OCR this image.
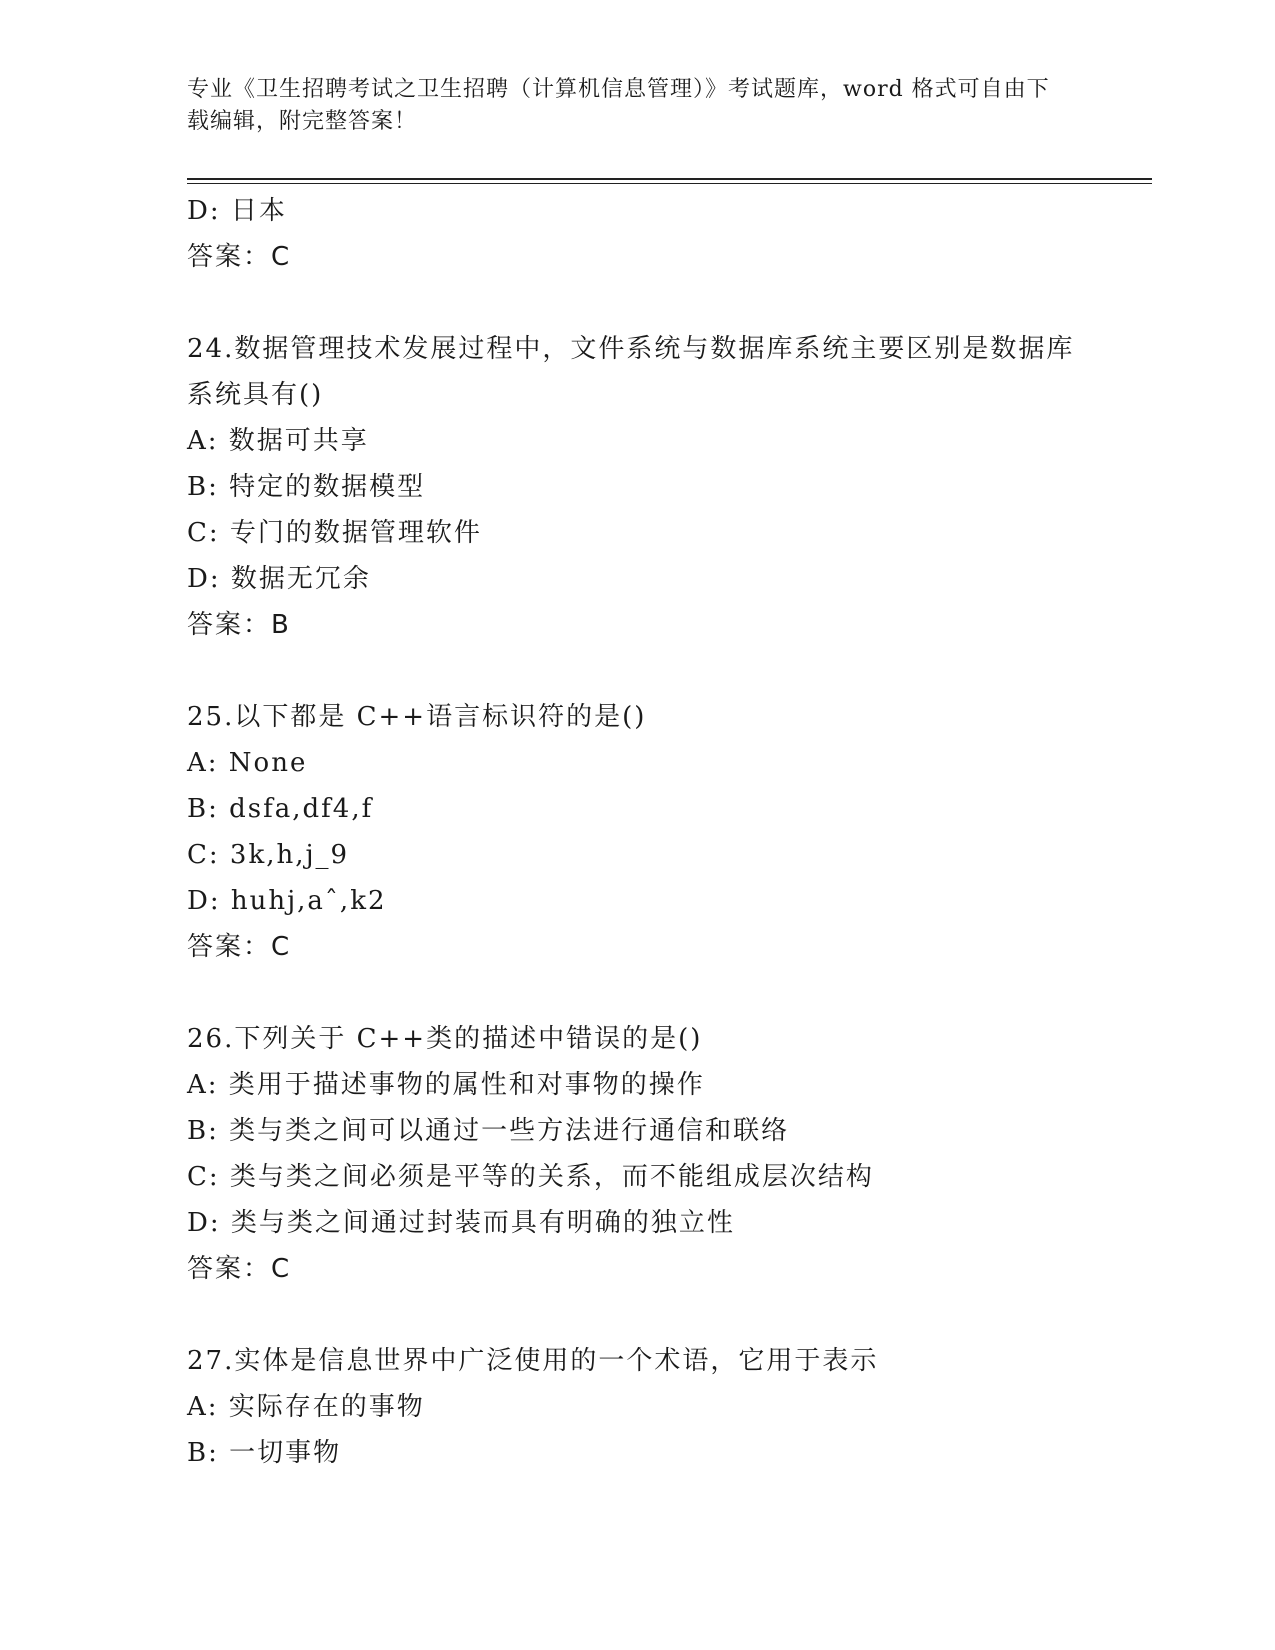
专业《卫生招聘考试之卫生招聘（计算机信息管理）》考试题库，word 格式可自由下载编辑，附完整答案！
D: 日本
答案：C
24.数据管理技术发展过程中，文件系统与数据库系统主要区别是数据库系统具有()
A: 数据可共享
B: 特定的数据模型
C: 专门的数据管理软件
D: 数据无冗余
答案：B
25.以下都是 C++语言标识符的是()
A: None
B: dsfa,df4,f
C: 3k,h,j_9
D: huhj,aˆ,k2
答案：C
26.下列关于 C++类的描述中错误的是()
A: 类用于描述事物的属性和对事物的操作
B: 类与类之间可以通过一些方法进行通信和联络
C: 类与类之间必须是平等的关系，而不能组成层次结构
D: 类与类之间通过封装而具有明确的独立性
答案：C
27.实体是信息世界中广泛使用的一个术语，它用于表示
A: 实际存在的事物
B: 一切事物
